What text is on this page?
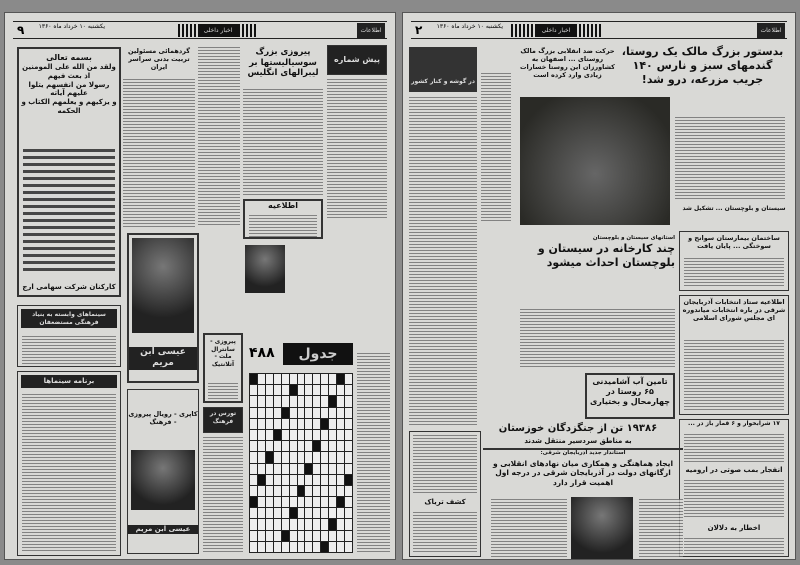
۹	یکشنبه ۱۰ خرداد ماه ۱۳۶۰
اخبار داخلی	اطلاعات
پیش شماره
پیروزی بزرگ سوسیالیستها بر لیبرالهای انگلیس
اطلاعیه
گردهمائی مسئولین تربیت بدنی سراسر ایران
بسمه تعالی
ولقد من الله علی المومنین اذ بعث فیهم
رسولا من انفسهم یتلوا علیهم آیاته
و یزکیهم و یعلمهم الکتاب و الحکمه
کارکنان شرکت سهامی ارج
سینماهای وابسته به بنیاد فرهنگی مستضعفان
برنامه سینماها
عیسی ابن مریم
کاپری - رویال پیروزی - فرهنگ
عیسی ابن مریم
پیروزی - سانترال ملت - آتلانتیک
تورس در فرهنگ
جدول
۴۸۸
۲	یکشنبه ۱۰ خرداد ماه ۱۳۶۰
اخبار داخلی	اطلاعات
بدستور بزرگ مالک یک روستا، گندمهای سبز و نارس ۱۴۰ جریب مزرعه، درو شد!
حرکت ضد انقلابی بزرگ مالک روستای ... اصفهان به کشاورزان این روستا خسارات زیادی وارد کرده است
در گوشه و کنار کشور
سیستان و بلوچستان ... تشکیل شد
ساختمان بیمارستان سوانح و سوختگی ... پایان یافت
اطلاعیه ستاد انتخابات آذربایجان شرقی در باره انتخابات میاندوره ای مجلس شورای اسلامی
۱۷ شرابخوار و ۶ قمار باز در ...
انفجار بمب صوتی در ارومیه
اخطار به دلالان
استانهای سیستان و بلوچستان
چند کارخانه در سیستان و بلوچستان احداث میشود
تامین آب آشامیدنی ۶۵ روستا در چهارمحال و بختیاری
۱۹۳۸۶ تن از جنگزدگان خوزستان
به مناطق سردسیر منتقل شدند
استاندار جدید آذربایجان شرقی:
ایجاد هماهنگی و همکاری میان نهادهای انقلابی و ارگانهای دولت در آذربایجان شرقی در درجه اول اهمیت قرار دارد
کشف تریاک
